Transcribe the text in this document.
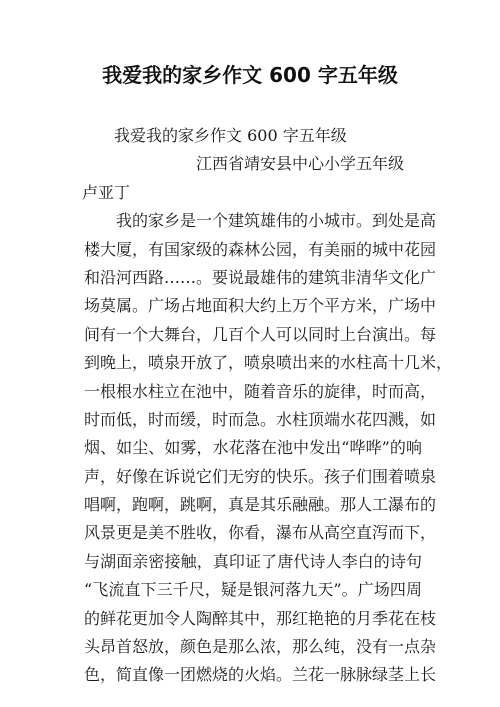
我爱我的家乡作文 600 字五年级
我爱我的家乡作文 600 字五年级
江西省靖安县中心小学五年级
卢亚丁
我的家乡是一个建筑雄伟的小城市。到处是高
楼大厦，有国家级的森林公园，有美丽的城中花园
和沿河西路……。要说最雄伟的建筑非清华文化广
场莫属。广场占地面积大约上万个平方米，广场中
间有一个大舞台，几百个人可以同时上台演出。每
到晚上，喷泉开放了，喷泉喷出来的水柱高十几米，
一根根水柱立在池中，随着音乐的旋律，时而高，
时而低，时而缓，时而急。水柱顶端水花四溅，如
烟、如尘、如雾，水花落在池中发出“哗哗”的响
声，好像在诉说它们无穷的快乐。孩子们围着喷泉
唱啊，跑啊，跳啊，真是其乐融融。那人工瀑布的
风景更是美不胜收，你看，瀑布从高空直泻而下，
与湖面亲密接触，真印证了唐代诗人李白的诗句
“飞流直下三千尺，疑是银河落九天”。广场四周
的鲜花更加令人陶醉其中，那红艳艳的月季花在枝
头昂首怒放，颜色是那么浓，那么纯，没有一点杂
色，简直像一团燃烧的火焰。兰花一脉脉绿茎上长
